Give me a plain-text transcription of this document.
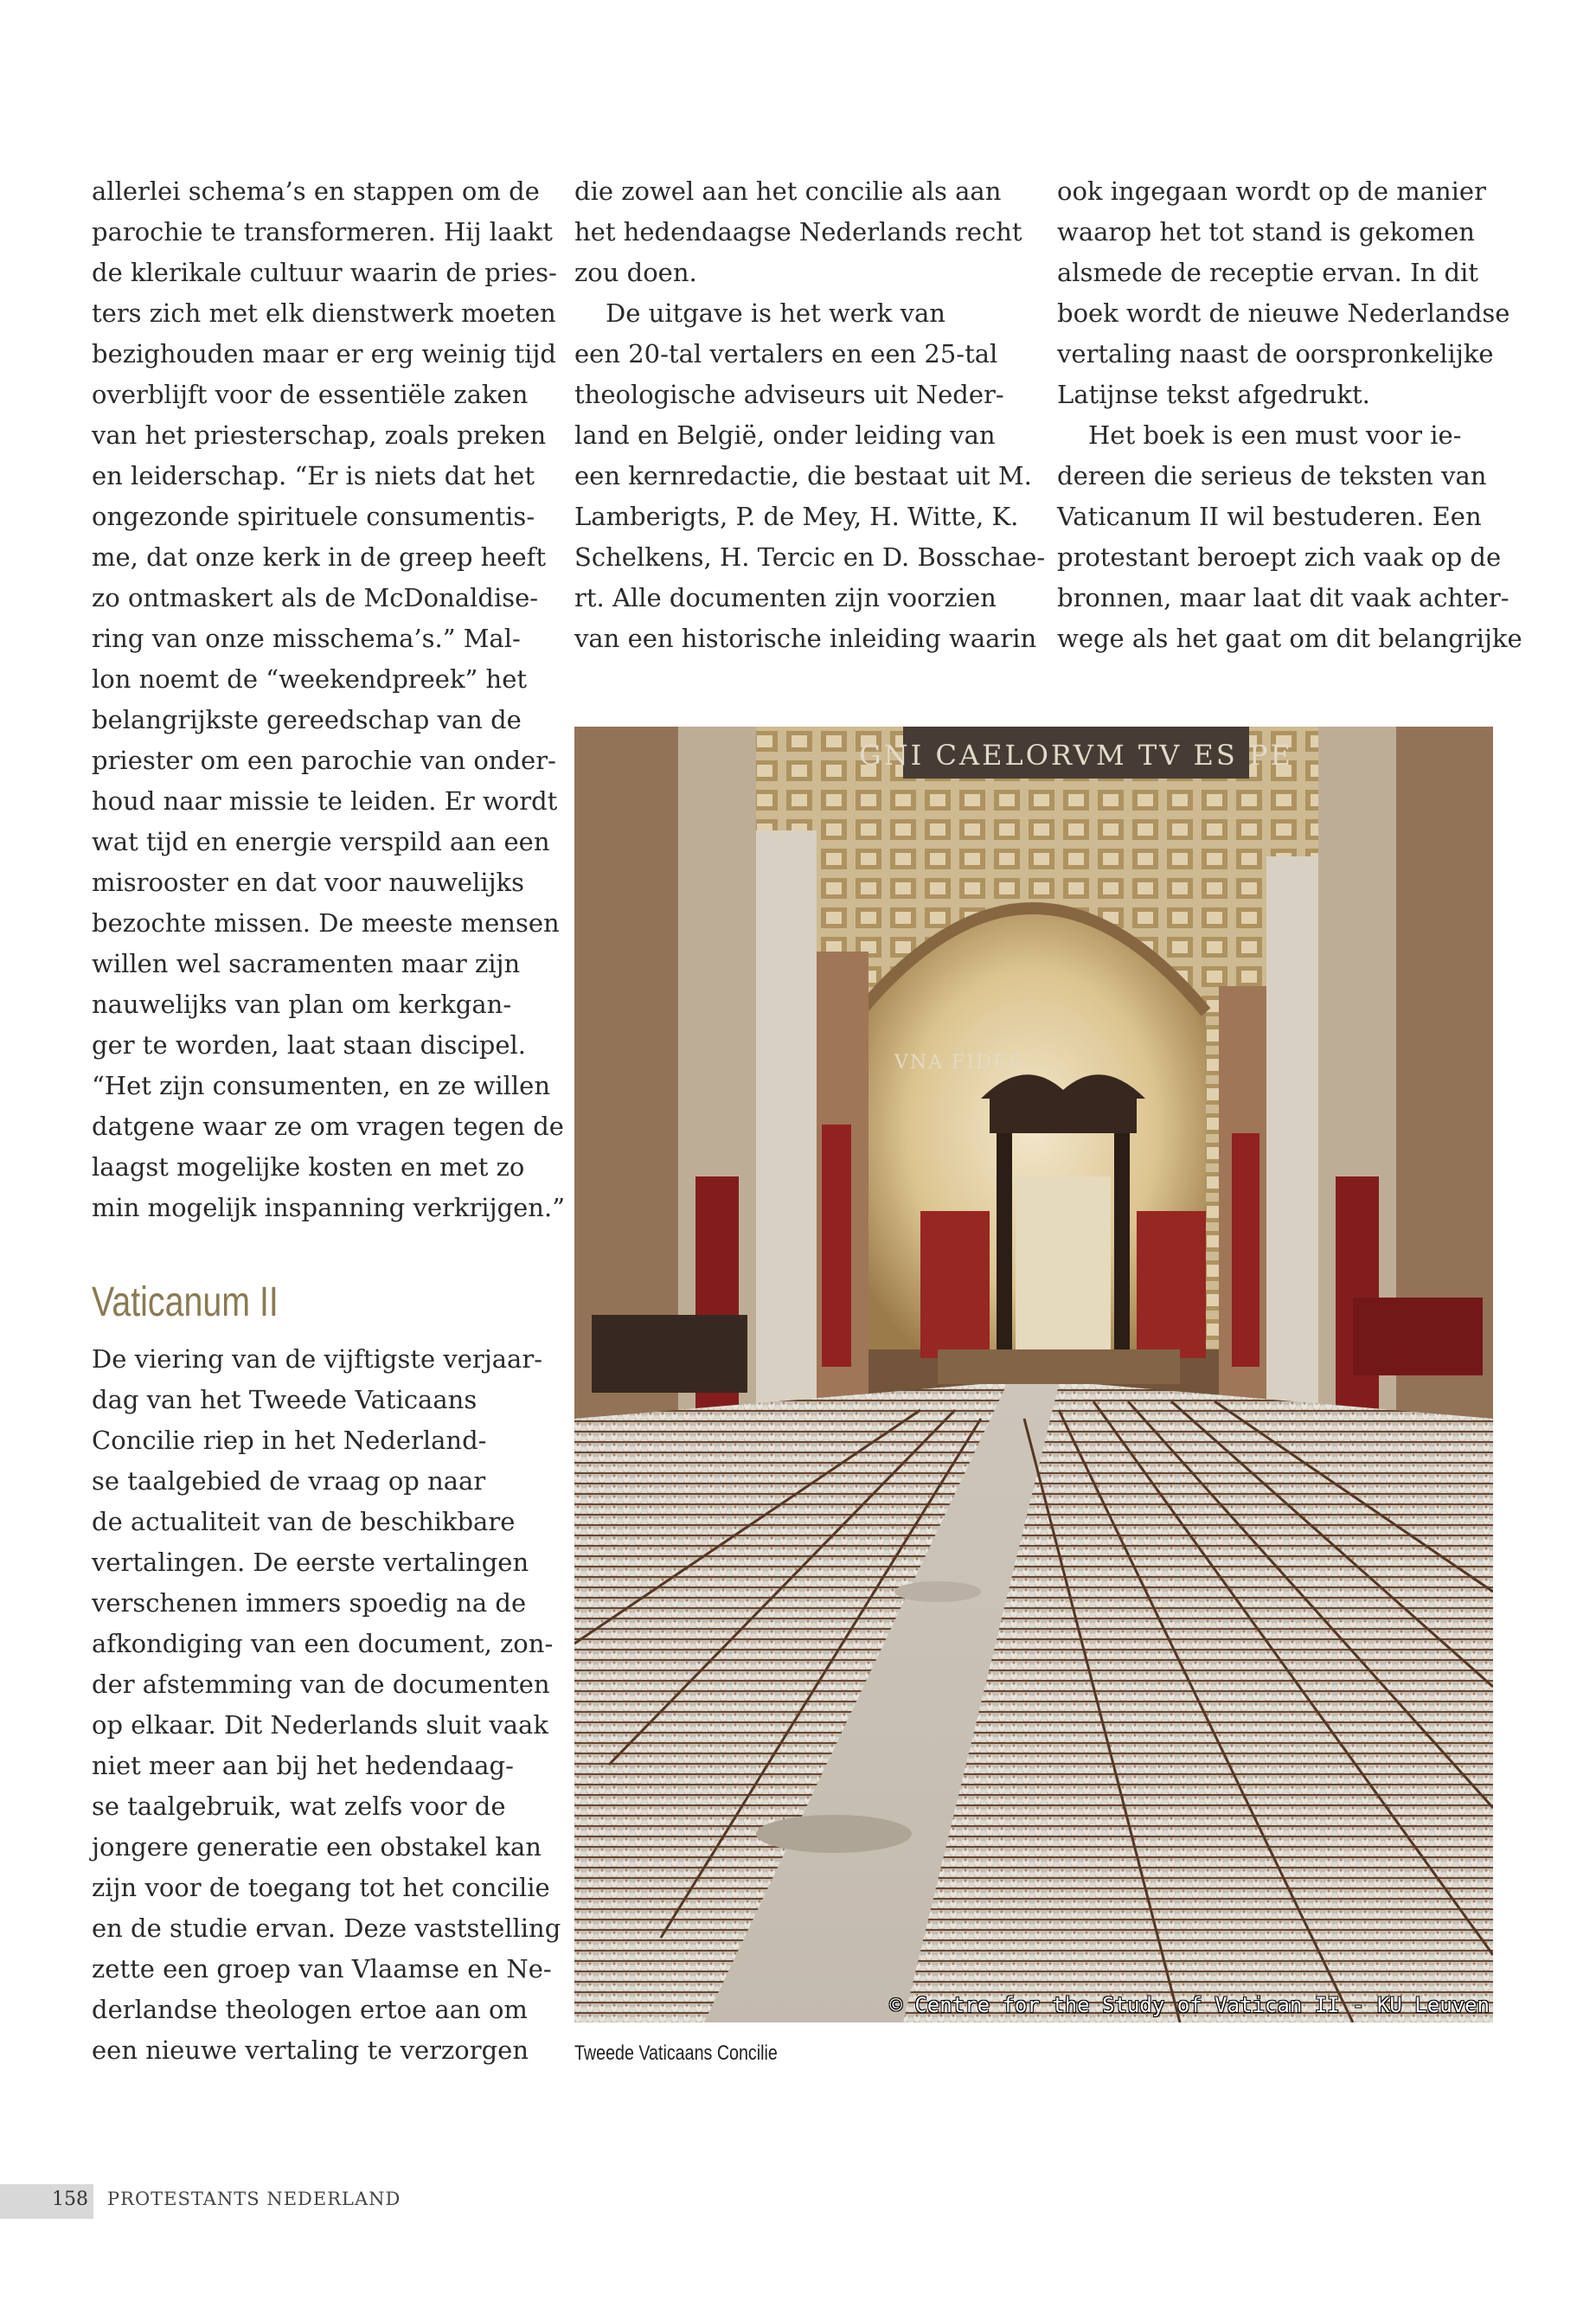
allerlei schema’s en stappen om de
parochie te transformeren. Hij laakt
de klerikale cultuur waarin de pries-
ters zich met elk dienstwerk moeten
bezighouden maar er erg weinig tijd
overblijft voor de essentiële zaken
van het priesterschap, zoals preken
en leiderschap. “Er is niets dat het
ongezonde spirituele consumentis-
me, dat onze kerk in de greep heeft
zo ontmaskert als de McDonaldise-
ring van onze misschema’s.” Mal-
lon noemt de “weekendpreek” het
belangrijkste gereedschap van de
priester om een parochie van onder-
houd naar missie te leiden. Er wordt
wat tijd en energie verspild aan een
misrooster en dat voor nauwelijks
bezochte missen. De meeste mensen
willen wel sacramenten maar zijn
nauwelijks van plan om kerkgan-
ger te worden, laat staan discipel.
“Het zijn consumenten, en ze willen
datgene waar ze om vragen tegen de
laagst mogelijke kosten en met zo
min mogelijk inspanning verkrijgen.”
Vaticanum II
De viering van de vijftigste verjaar-
dag van het Tweede Vaticaans
Concilie riep in het Nederland-
se taalgebied de vraag op naar
de actualiteit van de beschikbare
vertalingen. De eerste vertalingen
verschenen immers spoedig na de
afkondiging van een document, zon-
der afstemming van de documenten
op elkaar. Dit Nederlands sluit vaak
niet meer aan bij het hedendaag-
se taalgebruik, wat zelfs voor de
jongere generatie een obstakel kan
zijn voor de toegang tot het concilie
en de studie ervan. Deze vaststelling
zette een groep van Vlaamse en Ne-
derlandse theologen ertoe aan om
een nieuwe vertaling te verzorgen
die zowel aan het concilie als aan
het hedendaagse Nederlands recht
zou doen.
De uitgave is het werk van
een 20-tal vertalers en een 25-tal
theologische adviseurs uit Neder-
land en België, onder leiding van
een kernredactie, die bestaat uit M.
Lamberigts, P. de Mey, H. Witte, K.
Schelkens, H. Tercic en D. Bosschae-
rt. Alle documenten zijn voorzien
van een historische inleiding waarin
ook ingegaan wordt op de manier
waarop het tot stand is gekomen
alsmede de receptie ervan. In dit
boek wordt de nieuwe Nederlandse
vertaling naast de oorspronkelijke
Latijnse tekst afgedrukt.
Het boek is een must voor ie-
dereen die serieus de teksten van
Vaticanum II wil bestuderen. Een
protestant beroept zich vaak op de
bronnen, maar laat dit vaak achter-
wege als het gaat om dit belangrijke
GNI CAELORVM TV ES PE
VNA FIDES
© Centre for the Study of Vatican II - KU Leuven
Tweede Vaticaans Concilie
158 PROTESTANTS NEDERLAND
